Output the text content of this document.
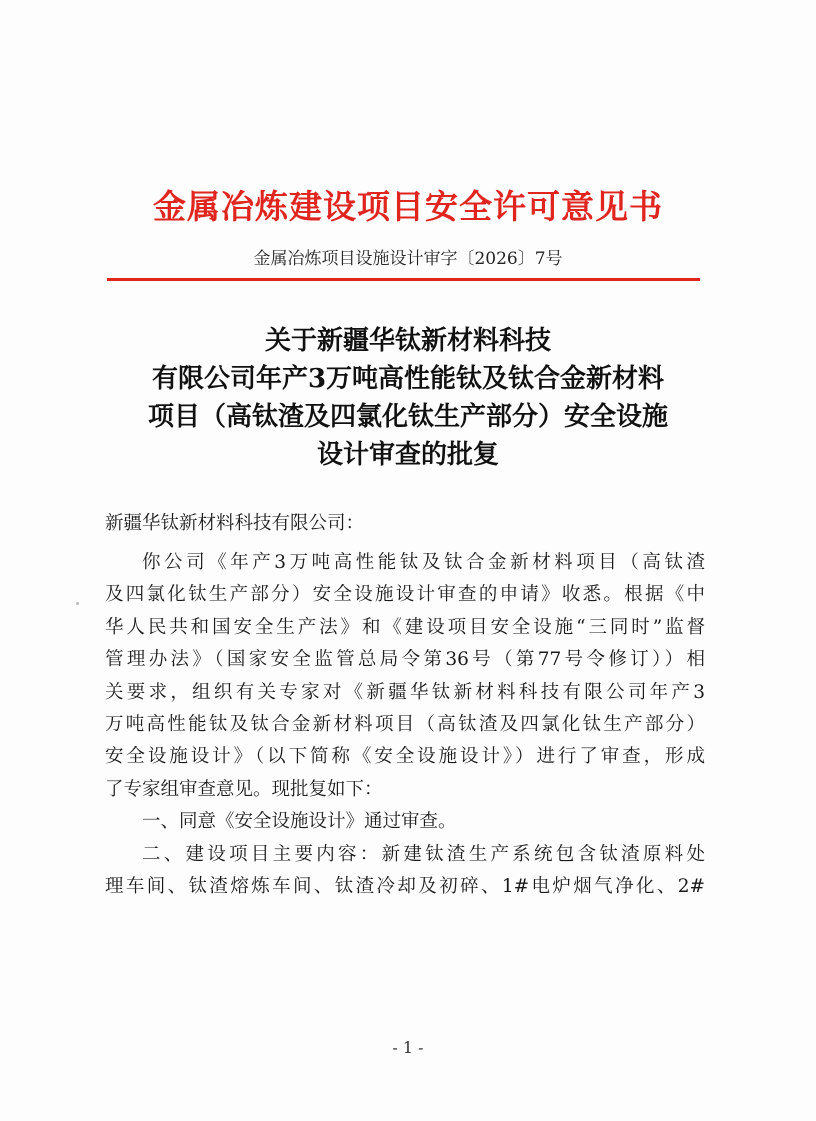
金属冶炼建设项目安全许可意见书
金属冶炼项目设施设计审字〔2026〕7号
关于新疆华钛新材料科技
有限公司年产3万吨高性能钛及钛合金新材料
项目（高钛渣及四氯化钛生产部分）安全设施
设计审查的批复
新疆华钛新材料科技有限公司：
你公司《年产3万吨高性能钛及钛合金新材料项目（高钛渣
及四氯化钛生产部分）安全设施设计审查的申请》收悉。根据《中
华人民共和国安全生产法》和《建设项目安全设施“三同时”监督
管理办法》（国家安全监管总局令第36号（第77号令修订））相
关要求，组织有关专家对《新疆华钛新材料科技有限公司年产3
万吨高性能钛及钛合金新材料项目（高钛渣及四氯化钛生产部分）
安全设施设计》（以下简称《安全设施设计》）进行了审查，形成
了专家组审查意见。现批复如下：
一、同意《安全设施设计》通过审查。
二、建设项目主要内容：新建钛渣生产系统包含钛渣原料处
理车间、钛渣熔炼车间、钛渣冷却及初碎、1#电炉烟气净化、2#
- 1 -
